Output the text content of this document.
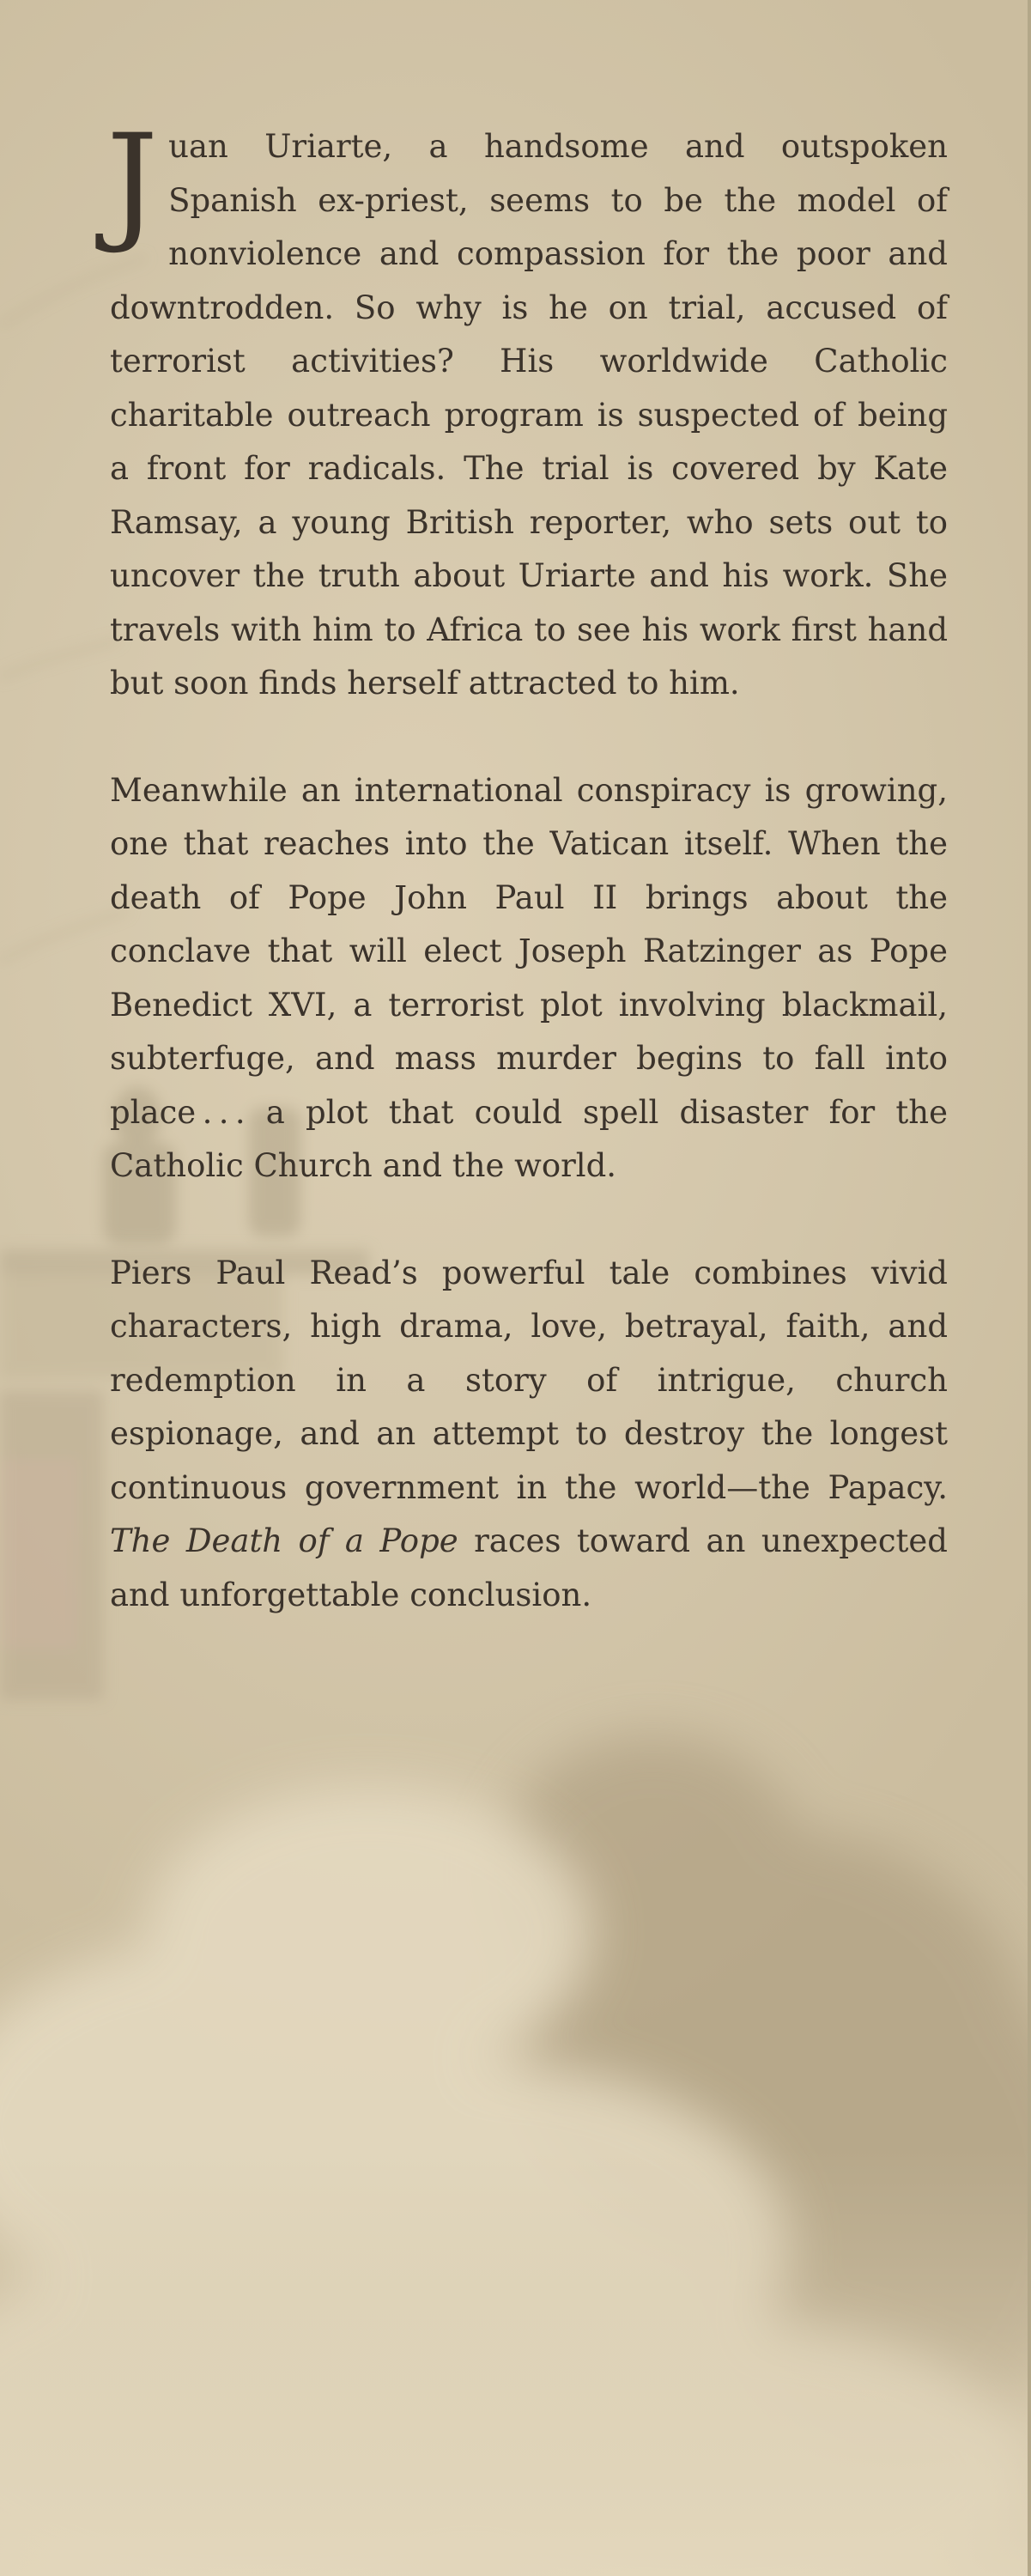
Juan Uriarte, a handsome and outspoken Spanish ex-priest, seems to be the model of nonviolence and compassion for the poor and downtrodden. So why is he on trial, accused of terrorist activities? His worldwide Catholic charitable outreach program is suspected of being a front for radicals. The trial is covered by Kate Ramsay, a young British reporter, who sets out to uncover the truth about Uriarte and his work. She travels with him to Africa to see his work first hand but soon finds herself attracted to him.

Meanwhile an international conspiracy is growing, one that reaches into the Vatican itself. When the death of Pope John Paul II brings about the conclave that will elect Joseph Ratzinger as Pope Benedict XVI, a terrorist plot involving blackmail, subterfuge, and mass murder begins to fall into place . . . a plot that could spell disaster for the Catholic Church and the world.

Piers Paul Read’s powerful tale combines vivid characters, high drama, love, betrayal, faith, and redemption in a story of intrigue, church espionage, and an attempt to destroy the longest continuous government in the world—the Papacy. The Death of a Pope races toward an unexpected and unforgettable conclusion.
